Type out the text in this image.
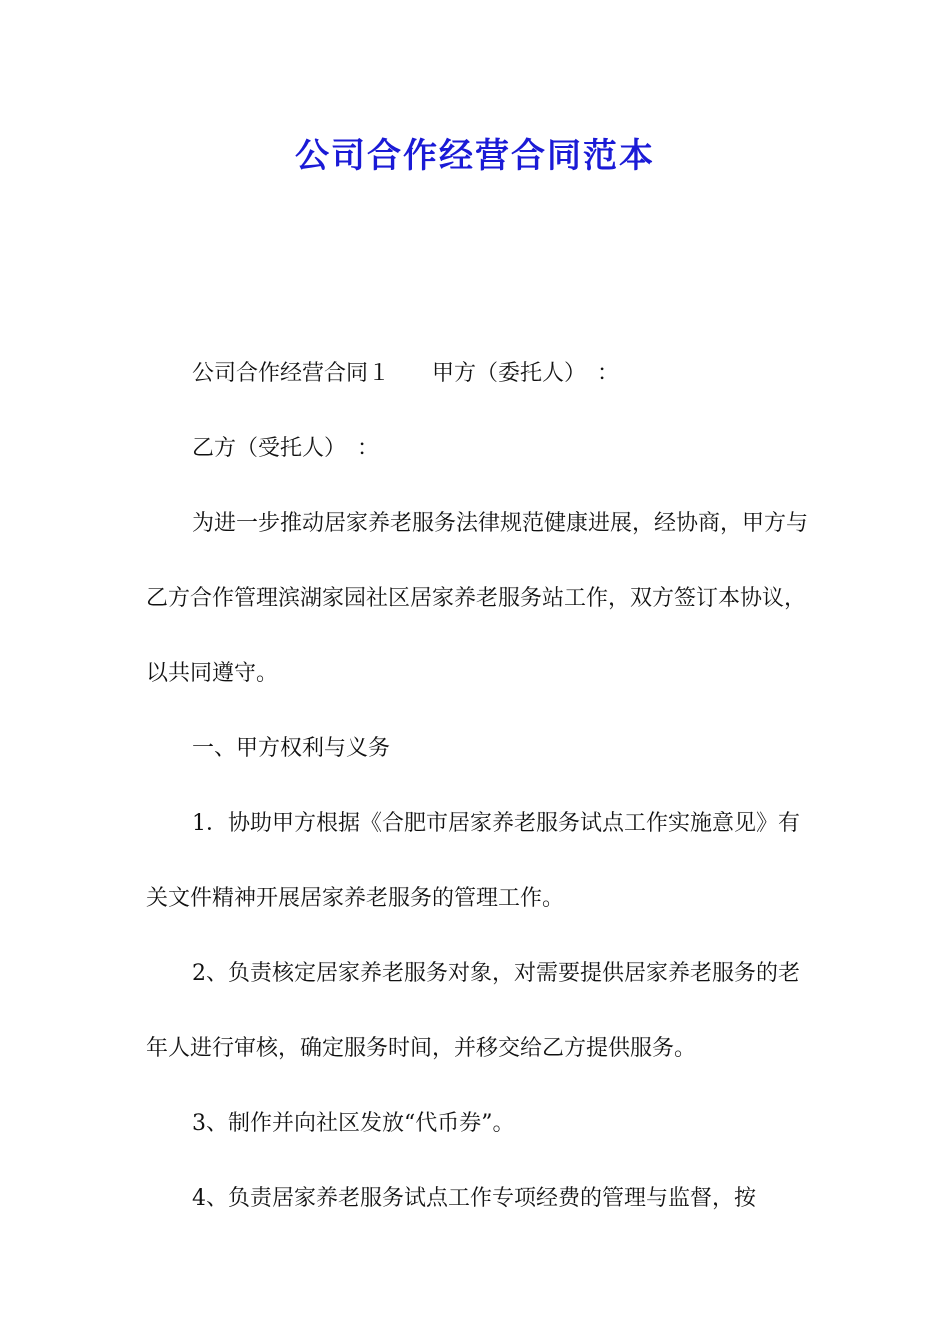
公司合作经营合同范本

公司合作经营合同１ 甲方（委托人）　：

乙方（受托人）　：

为进一步推动居家养老服务法律规范健康进展，经协商，甲方与乙方合作管理滨湖家园社区居家养老服务站工作，双方签订本协议，以共同遵守。

一、甲方权利与义务

1．协助甲方根据《合肥市居家养老服务试点工作实施意见》有关文件精神开展居家养老服务的管理工作。

2、负责核定居家养老服务对象，对需要提供居家养老服务的老年人进行审核，确定服务时间，并移交给乙方提供服务。

3、制作并向社区发放“代币券”。

4、负责居家养老服务试点工作专项经费的管理与监督，按
